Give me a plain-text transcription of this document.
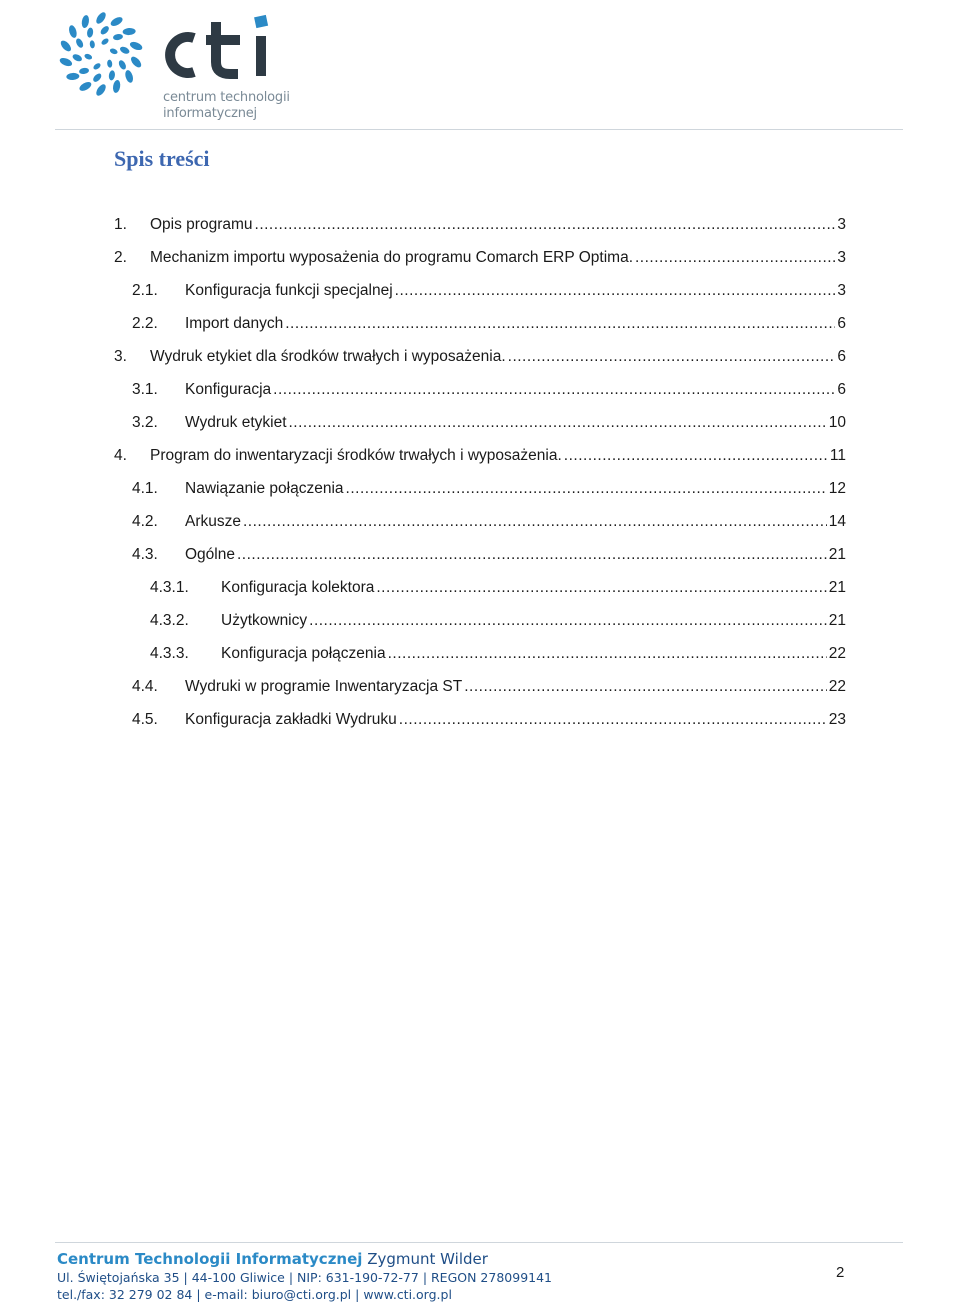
centrum technologii
informatycznej
Spis treści
1.	Opis programu .....	3
2.	Mechanizm importu wyposażenia do programu Comarch ERP Optima. .....	3
2.1.	Konfiguracja funkcji specjalnej .....	3
2.2.	Import danych .....	6
3.	Wydruk etykiet dla środków trwałych i wyposażenia. .....	6
3.1.	Konfiguracja .....	6
3.2.	Wydruk etykiet .....	10
4.	Program do inwentaryzacji środków trwałych i wyposażenia. .....	11
4.1.	Nawiązanie połączenia .....	12
4.2.	Arkusze .....	14
4.3.	Ogólne .....	21
4.3.1.	Konfiguracja kolektora .....	21
4.3.2.	Użytkownicy .....	21
4.3.3.	Konfiguracja połączenia .....	22
4.4.	Wydruki w programie Inwentaryzacja ST .....	22
4.5.	Konfiguracja zakładki Wydruku .....	23
Centrum Technologii Informatycznej Zygmunt Wilder
Ul. Świętojańska 35 | 44-100 Gliwice | NIP: 631-190-72-77 | REGON 278099141
tel./fax: 32 279 02 84 | e-mail: biuro@cti.org.pl | www.cti.org.pl
2
